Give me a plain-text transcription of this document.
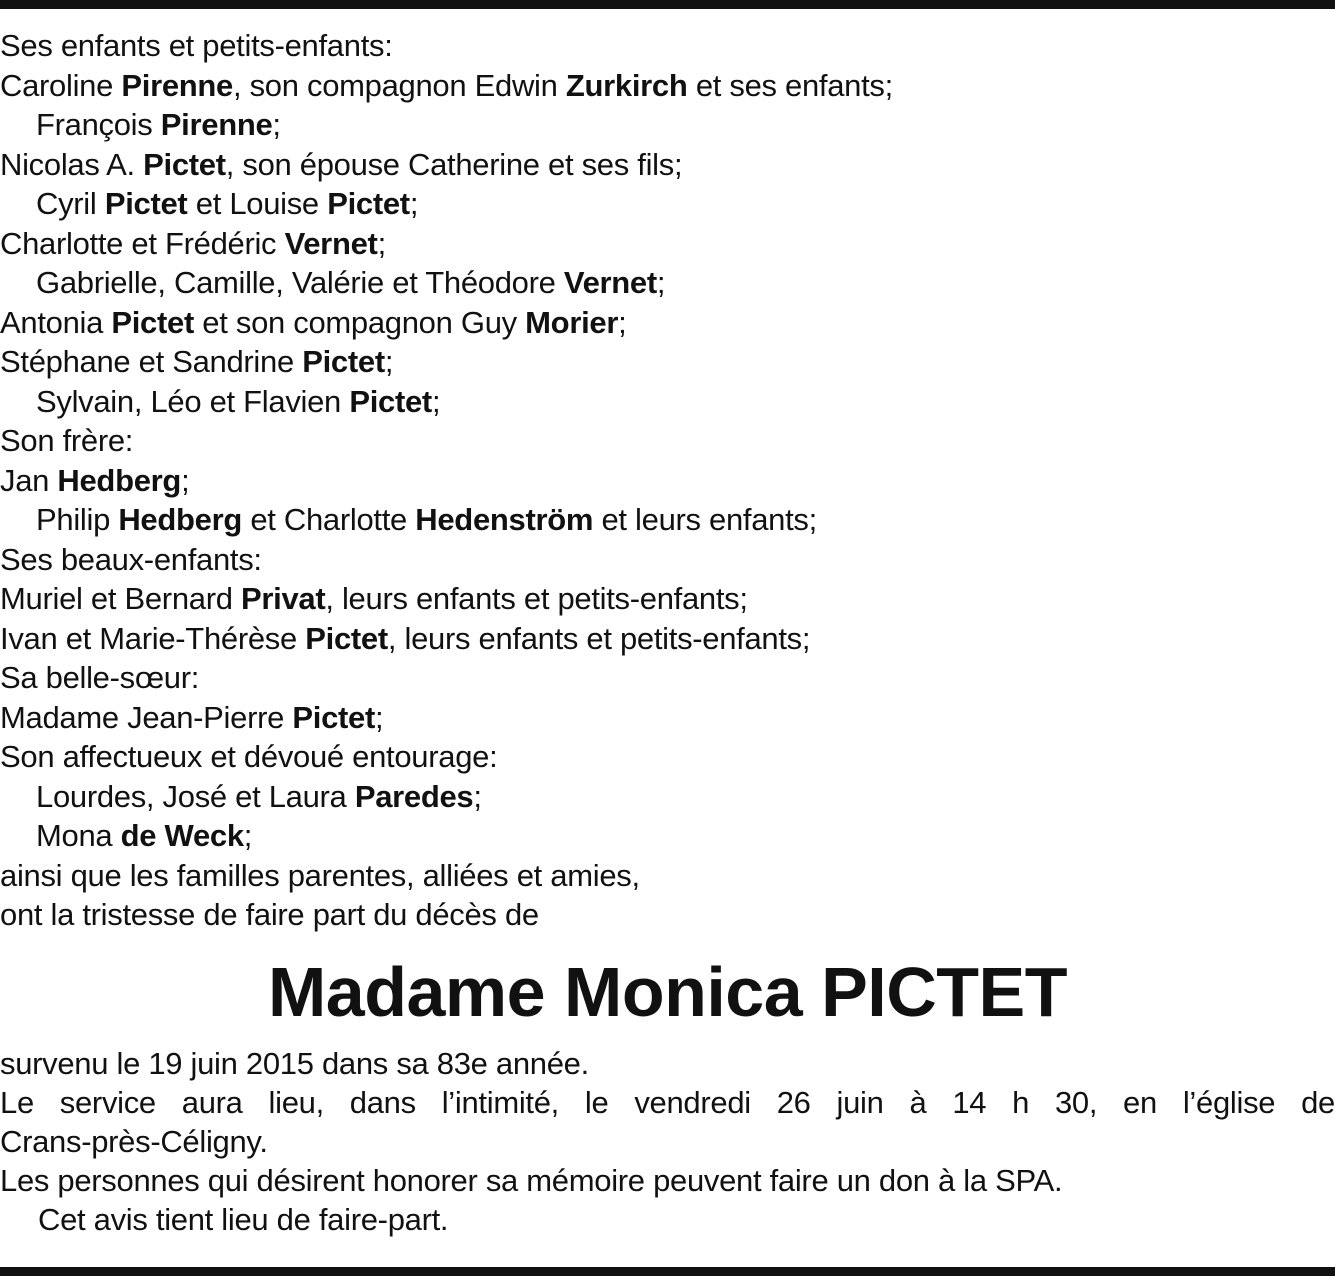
Ses enfants et petits-enfants:
Caroline Pirenne, son compagnon Edwin Zurkirch et ses enfants;
François Pirenne;
Nicolas A. Pictet, son épouse Catherine et ses fils;
Cyril Pictet et Louise Pictet;
Charlotte et Frédéric Vernet;
Gabrielle, Camille, Valérie et Théodore Vernet;
Antonia Pictet et son compagnon Guy Morier;
Stéphane et Sandrine Pictet;
Sylvain, Léo et Flavien Pictet;
Son frère:
Jan Hedberg;
Philip Hedberg et Charlotte Hedenström et leurs enfants;
Ses beaux-enfants:
Muriel et Bernard Privat, leurs enfants et petits-enfants;
Ivan et Marie-Thérèse Pictet, leurs enfants et petits-enfants;
Sa belle-sœur:
Madame Jean-Pierre Pictet;
Son affectueux et dévoué entourage:
Lourdes, José et Laura Paredes;
Mona de Weck;
ainsi que les familles parentes, alliées et amies,
ont la tristesse de faire part du décès de
Madame Monica PICTET
survenu le 19 juin 2015 dans sa 83e année.
Le service aura lieu, dans l’intimité, le vendredi 26 juin à 14 h 30, en l’église de
Crans-près-Céligny.
Les personnes qui désirent honorer sa mémoire peuvent faire un don à la SPA.
Cet avis tient lieu de faire-part.
